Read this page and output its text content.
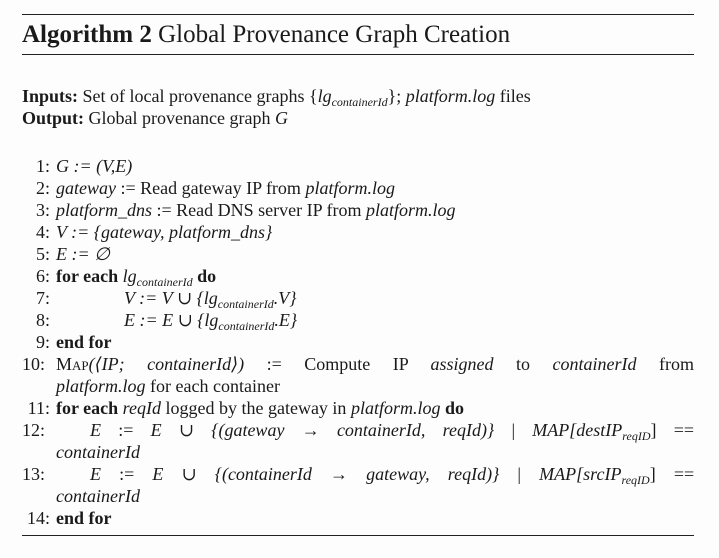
Algorithm 2 Global Provenance Graph Creation
Inputs: Set of local provenance graphs $\{\lg_{containerId}\}$; platform.log files
Output: Global provenance graph G
1: G := (V,E)
2: gateway := Read gateway IP from platform.log
3: platform_dns := Read DNS server IP from platform.log
4: V := {gateway, platform_dns}
5: E := ∅
6: for each $\lg_{containerId}$ do
7:	V := V ∪ $\{\lg_{containerId}.V\}$
8:	E := E ∪ $\{\lg_{containerId}.E\}$
9: end for
10: Map(⟨IP; containerId⟩) := Compute IP assigned to containerId from
platform.log for each container
11: for each reqId logged by the gateway in platform.log do
12: E := E ∪ {(gateway → containerId, reqId)} | MAP[destIP$_{reqID}$] ==
containerId
13: E := E ∪ {(containerId → gateway, reqId)} | MAP[srcIP$_{reqID}$] ==
containerId
14: end for
